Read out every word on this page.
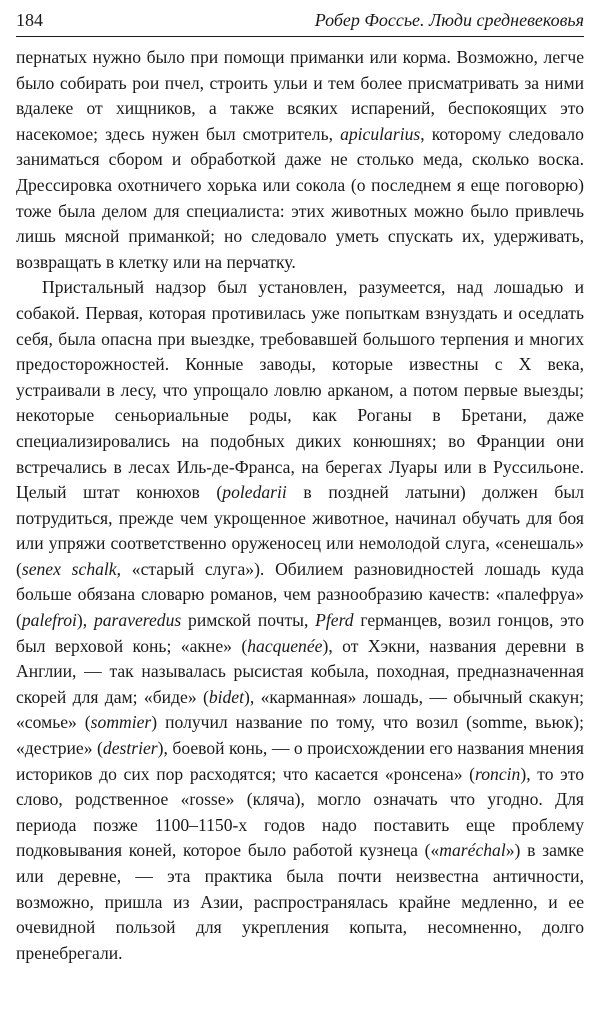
184	Робер Фоссье. Люди средневековья

пернатых нужно было при помощи приманки или корма. Возможно, легче было собирать рои пчел, строить ульи и тем более присматривать за ними вдалеке от хищников, а также всяких испарений, беспокоящих это насекомое; здесь нужен был смотритель, apicularius, которому следовало заниматься сбором и обработкой даже не столько меда, сколько воска. Дрессировка охотничего хорька или сокола (о последнем я еще поговорю) тоже была делом для специалиста: этих животных можно было привлечь лишь мясной приманкой; но следовало уметь спускать их, удерживать, возвращать в клетку или на перчатку.

Пристальный надзор был установлен, разумеется, над лошадью и собакой. Первая, которая противилась уже попыткам взнуздать и оседлать себя, была опасна при выездке, требовавшей большого терпения и многих предосторожностей. Конные заводы, которые известны с X века, устраивали в лесу, что упрощало ловлю арканом, а потом первые выезды; некоторые сеньориальные роды, как Роганы в Бретани, даже специализировались на подобных диких конюшнях; во Франции они встречались в лесах Иль-де-Франса, на берегах Луары или в Руссильоне. Целый штат конюхов (poledarii в поздней латыни) должен был потрудиться, прежде чем укрощенное животное, начинал обучать для боя или упряжи соответственно оруженосец или немолодой слуга, «сенешаль» (senex schalk, «старый слуга»). Обилием разновидностей лошадь куда больше обязана словарю романов, чем разнообразию качеств: «палефруа» (palefroi), paraveredus римской почты, Pferd германцев, возил гонцов, это был верховой конь; «акне» (hacquenée), от Хэкни, названия деревни в Англии, — так называлась рысистая кобыла, походная, предназначенная скорей для дам; «биде» (bidet), «карманная» лошадь, — обычный скакун; «сомье» (sommier) получил название по тому, что возил (somme, вьюк); «дестрие» (destrier), боевой конь, — о происхождении его названия мнения историков до сих пор расходятся; что касается «ронсена» (roncin), то это слово, родственное «rosse» (кляча), могло означать что угодно. Для периода позже 1100–1150-х годов надо поставить еще проблему подковывания коней, которое было работой кузнеца («maréchal») в замке или деревне, — эта практика была почти неизвестна античности, возможно, пришла из Азии, распространялась крайне медленно, и ее очевидной пользой для укрепления копыта, несомненно, долго пренебрегали.
